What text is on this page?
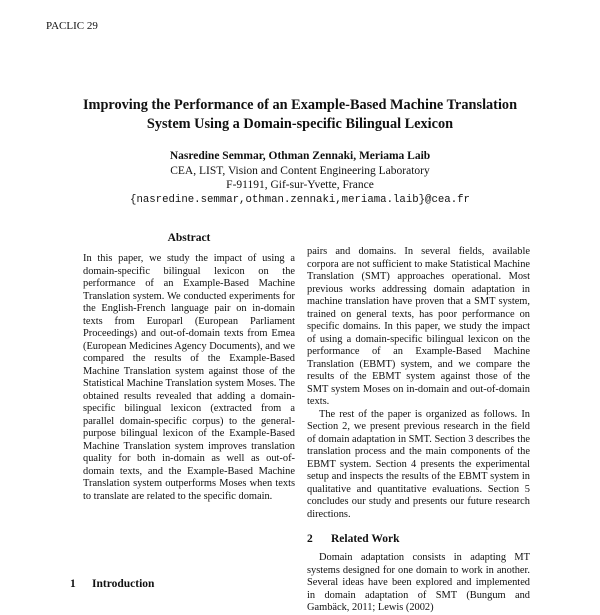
PACLIC 29
Improving the Performance of an Example-Based Machine Translation
System Using a Domain-specific Bilingual Lexicon
Nasredine Semmar, Othman Zennaki, Meriama Laib
CEA, LIST, Vision and Content Engineering Laboratory
F-91191, Gif-sur-Yvette, France
{nasredine.semmar,othman.zennaki,meriama.laib}@cea.fr
Abstract

In this paper, we study the impact of using a domain-specific bilingual lexicon on the performance of an Example-Based Machine Translation system. We conducted experiments for the English-French language pair on in-domain texts from Europarl (European Parliament Proceedings) and out-of-domain texts from Emea (European Medicines Agency Documents), and we compared the results of the Example-Based Machine Translation system against those of the Statistical Machine Translation system Moses. The obtained results revealed that adding a domain-specific bilingual lexicon (extracted from a parallel domain-specific corpus) to the general-purpose bilingual lexicon of the Example-Based Machine Translation system improves translation quality for both in-domain as well as out-of-domain texts, and the Example-Based Machine Translation system outperforms Moses when texts to translate are related to the specific domain.

1 Introduction

pairs and domains. In several fields, available corpora are not sufficient to make Statistical Machine Translation (SMT) approaches operational. Most previous works addressing domain adaptation in machine translation have proven that a SMT system, trained on general texts, has poor performance on specific domains. In this paper, we study the impact of using a domain-specific bilingual lexicon on the performance of an Example-Based Machine Translation (EBMT) system, and we compare the results of the EBMT system against those of the SMT system Moses on in-domain and out-of-domain texts.

The rest of the paper is organized as follows. In Section 2, we present previous research in the field of domain adaptation in SMT. Section 3 describes the translation process and the main components of the EBMT system. Section 4 presents the experimental setup and inspects the results of the EBMT system in qualitative and quantitative evaluations. Section 5 concludes our study and presents our future research directions.

2 Related Work

Domain adaptation consists in adapting MT systems designed for one domain to work in another. Several ideas have been explored and implemented in domain adaptation of SMT (Bungum and Gambäck, 2011; Lewis (2002)
